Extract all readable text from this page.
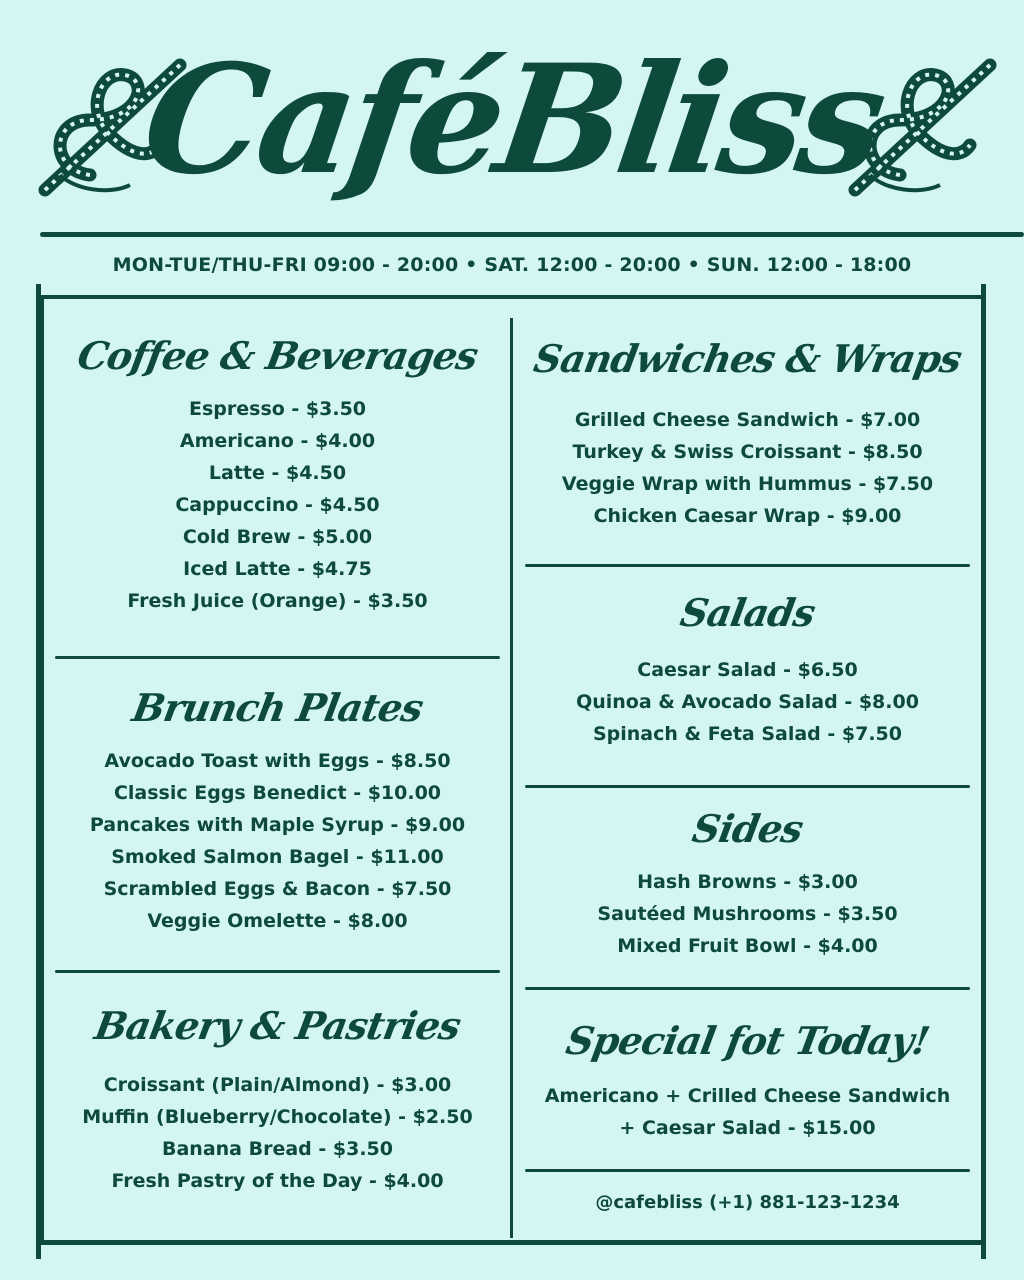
CaféBliss
MON-TUE/THU-FRI 09:00 - 20:00 • SAT. 12:00 - 20:00 • SUN. 12:00 - 18:00
Coffee & Beverages
Espresso - $3.50
Americano - $4.00
Latte - $4.50
Cappuccino - $4.50
Cold Brew - $5.00
Iced Latte - $4.75
Fresh Juice (Orange) - $3.50
Brunch Plates
Avocado Toast with Eggs - $8.50
Classic Eggs Benedict - $10.00
Pancakes with Maple Syrup - $9.00
Smoked Salmon Bagel - $11.00
Scrambled Eggs & Bacon - $7.50
Veggie Omelette - $8.00
Bakery & Pastries
Croissant (Plain/Almond) - $3.00
Muffin (Blueberry/Chocolate) - $2.50
Banana Bread - $3.50
Fresh Pastry of the Day - $4.00
Sandwiches & Wraps
Grilled Cheese Sandwich - $7.00
Turkey & Swiss Croissant - $8.50
Veggie Wrap with Hummus - $7.50
Chicken Caesar Wrap - $9.00
Salads
Caesar Salad - $6.50
Quinoa & Avocado Salad - $8.00
Spinach & Feta Salad - $7.50
Sides
Hash Browns - $3.00
Sautéed Mushrooms - $3.50
Mixed Fruit Bowl - $4.00
Special fot Today!
Americano + Crilled Cheese Sandwich
+ Caesar Salad - $15.00
@cafebliss (+1) 881-123-1234
